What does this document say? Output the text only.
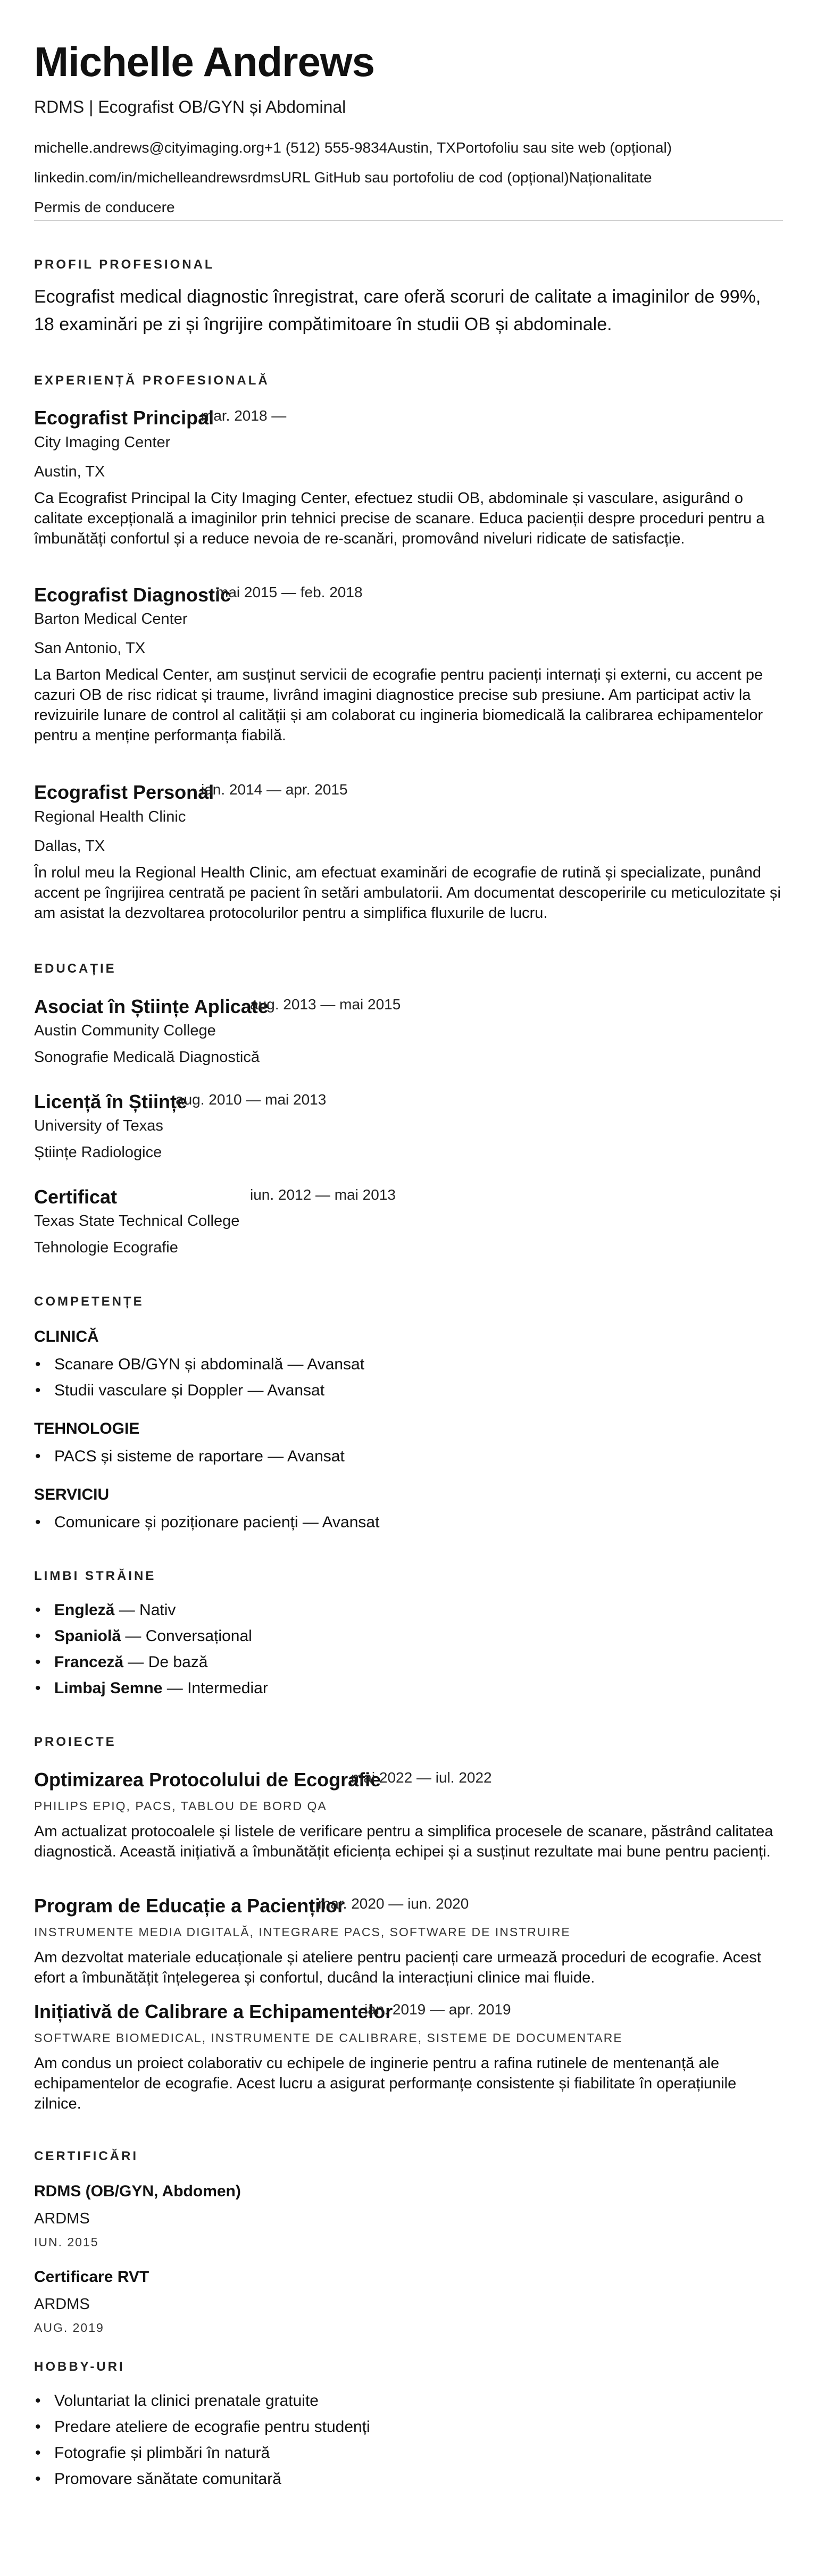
Michelle Andrews
RDMS | Ecografist OB/GYN și Abdominal
michelle.andrews@cityimaging.org+1 (512) 555-9834Austin, TXPortofoliu sau site web (opțional)
linkedin.com/in/michelleandrewsrdmsURL GitHub sau portofoliu de cod (opțional)Naționalitate
Permis de conducere
PROFIL PROFESIONAL
Ecografist medical diagnostic înregistrat, care oferă scoruri de calitate a imaginilor de 99%, 18 examinări pe zi și îngrijire compătimitoare în studii OB și abdominale.
EXPERIENȚĂ PROFESIONALĂ
Ecografist Principal
mar. 2018 —
City Imaging Center
Austin, TX
Ca Ecografist Principal la City Imaging Center, efectuez studii OB, abdominale și vasculare, asigurând o calitate excepțională a imaginilor prin tehnici precise de scanare. Educa pacienții despre proceduri pentru a îmbunătăți confortul și a reduce nevoia de re-scanări, promovând niveluri ridicate de satisfacție.
Ecografist Diagnostic
mai 2015 — feb. 2018
Barton Medical Center
San Antonio, TX
La Barton Medical Center, am susținut servicii de ecografie pentru pacienți internați și externi, cu accent pe cazuri OB de risc ridicat și traume, livrând imagini diagnostice precise sub presiune. Am participat activ la revizuirile lunare de control al calității și am colaborat cu ingineria biomedicală la calibrarea echipamentelor pentru a menține performanța fiabilă.
Ecografist Personal
ian. 2014 — apr. 2015
Regional Health Clinic
Dallas, TX
În rolul meu la Regional Health Clinic, am efectuat examinări de ecografie de rutină și specializate, punând accent pe îngrijirea centrată pe pacient în setări ambulatorii. Am documentat descoperirile cu meticulozitate și am asistat la dezvoltarea protocolurilor pentru a simplifica fluxurile de lucru.
EDUCAȚIE
Asociat în Științe Aplicate
aug. 2013 — mai 2015
Austin Community College
Sonografie Medicală Diagnostică
Licență în Științe
aug. 2010 — mai 2013
University of Texas
Științe Radiologice
Certificat	iun. 2012 — mai 2013
Texas State Technical College
Tehnologie Ecografie
COMPETENȚE
CLINICĂ
• Scanare OB/GYN și abdominală — Avansat
• Studii vasculare și Doppler — Avansat
TEHNOLOGIE
• PACS și sisteme de raportare — Avansat
SERVICIU
• Comunicare și poziționare pacienți — Avansat
LIMBI STRĂINE
• Engleză — Nativ
• Spaniolă — Conversațional
• Franceză — De bază
• Limbaj Semne — Intermediar
PROIECTE
Optimizarea Protocolului de Ecografie
mai 2022 — iul. 2022
PHILIPS EPIQ, PACS, TABLOU DE BORD QA
Am actualizat protocoalele și listele de verificare pentru a simplifica procesele de scanare, păstrând calitatea diagnostică. Această inițiativă a îmbunătățit eficiența echipei și a susținut rezultate mai bune pentru pacienți.
Program de Educație a Pacienților
mar. 2020 — iun. 2020
INSTRUMENTE MEDIA DIGITALĂ, INTEGRARE PACS, SOFTWARE DE INSTRUIRE
Am dezvoltat materiale educaționale și ateliere pentru pacienți care urmează proceduri de ecografie. Acest efort a îmbunătățit înțelegerea și confortul, ducând la interacțiuni clinice mai fluide.
Inițiativă de Calibrare a Echipamentelor
ian. 2019 — apr. 2019
SOFTWARE BIOMEDICAL, INSTRUMENTE DE CALIBRARE, SISTEME DE DOCUMENTARE
Am condus un proiect colaborativ cu echipele de inginerie pentru a rafina rutinele de mentenanță ale echipamentelor de ecografie. Acest lucru a asigurat performanțe consistente și fiabilitate în operațiunile zilnice.
CERTIFICĂRI
RDMS (OB/GYN, Abdomen)
ARDMS
IUN. 2015
Certificare RVT
ARDMS
AUG. 2019
HOBBY-URI
• Voluntariat la clinici prenatale gratuite
• Predare ateliere de ecografie pentru studenți
• Fotografie și plimbări în natură
• Promovare sănătate comunitară
